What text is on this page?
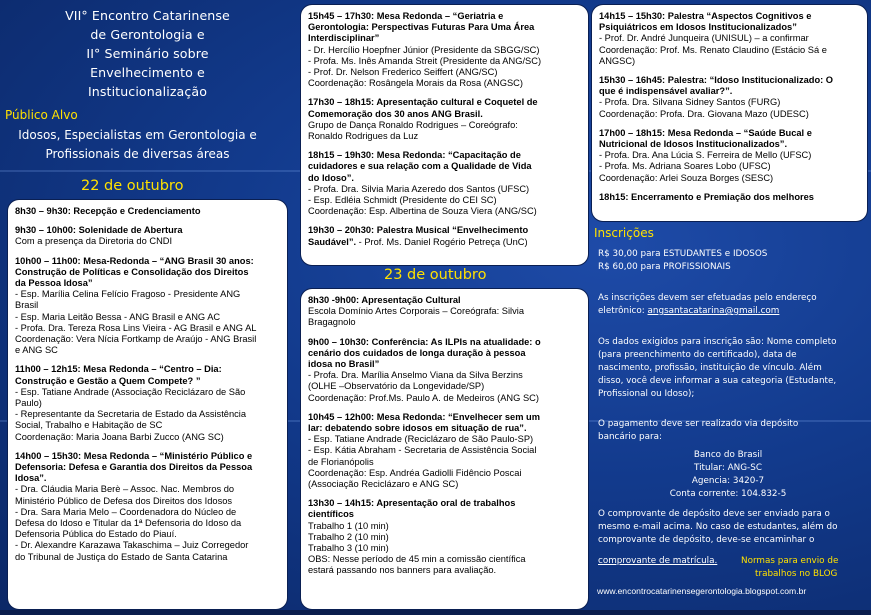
VII° Encontro Catarinense
de Gerontologia e
II° Seminário sobre
Envelhecimento e
Institucionalização
Público Alvo
Idosos, Especialistas em Gerontologia e
Profissionais de diversas áreas
22 de outubro
23 de outubro

8h30 – 9h30: Recepção e Credenciamento

9h30 – 10h00: Solenidade de Abertura

Com a presença da Diretoria do CNDI

10h00 – 11h00: Mesa-Redonda – “ANG Brasil 30 anos:

Construção de Políticas e Consolidação dos Direitos

da Pessoa Idosa”

- Esp. Marília Celina Felício Fragoso - Presidente ANG

Brasil

- Esp. Maria Leitão Bessa - ANG Brasil e ANG AC

- Profa. Dra. Tereza Rosa Lins Vieira - AG Brasil e ANG AL

Coordenação: Vera Nícia Fortkamp de Araújo - ANG Brasil

e ANG SC

11h00 – 12h15: Mesa Redonda – “Centro – Dia:

Construção e Gestão a Quem Compete? ”

- Esp. Tatiane Andrade (Associação Reciclázaro de São

Paulo)

- Representante da Secretaria de Estado da Assistência

Social, Trabalho e Habitação de SC

Coordenação: Maria Joana Barbi Zucco (ANG SC)

14h00 – 15h30: Mesa Redonda – “Ministério Público e

Defensoria: Defesa e Garantia dos Direitos da Pessoa

Idosa”.

- Dra. Cláudia Maria Berè – Assoc. Nac. Membros do

Ministério Público de Defesa dos Direitos dos Idosos

- Dra. Sara Maria Melo – Coordenadora do Núcleo de

Defesa do Idoso e Titular da 1ª Defensoria do Idoso da

Defensoria Pública do Estado do Piauí.

- Dr. Alexandre Karazawa Takaschima – Juiz Corregedor

do Tribunal de Justiça do Estado de Santa Catarina

15h45 – 17h30: Mesa Redonda – “Geriatria e

Gerontologia: Perspectivas Futuras Para Uma Área

Interdisciplinar”

- Dr. Hercílio Hoepfner Júnior (Presidente da SBGG/SC)

- Profa. Ms. Inês Amanda Streit (Presidente da ANG/SC)

- Prof. Dr. Nelson Frederico Seiffert (ANG/SC)

Coordenação: Rosângela Morais da Rosa (ANGSC)

17h30 – 18h15: Apresentação cultural e Coquetel de

Comemoração dos 30 anos ANG Brasil.

Grupo de Dança Ronaldo Rodrigues – Coreógrafo:

Ronaldo Rodrigues da Luz

18h15 – 19h30: Mesa Redonda: “Capacitação de

cuidadores e sua relação com a Qualidade de Vida

do Idoso”.

- Profa. Dra. Silvia Maria Azeredo dos Santos (UFSC)

- Esp. Edléia Schmidt (Presidente do CEI SC)

Coordenação: Esp. Albertina de Souza Viera (ANG/SC)

19h30 – 20h30: Palestra Musical “Envelhecimento

Saudável”. - Prof. Ms. Daniel Rogério Petreça (UnC)

8h30 -9h00: Apresentação Cultural

Escola Domínio Artes Corporais – Coreógrafa: Silvia

Bragagnolo

9h00 – 10h30: Conferência: As ILPIs na atualidade: o

cenário dos cuidados de longa duração à pessoa

idosa no Brasil”

- Profa. Dra. Marília Anselmo Viana da Silva Berzins

(OLHE –Observatório da Longevidade/SP)

Coordenação: Prof.Ms. Paulo A. de Medeiros (ANG SC)

10h45 – 12h00: Mesa Redonda: “Envelhecer sem um

lar: debatendo sobre idosos em situação de rua”.

- Esp. Tatiane Andrade (Reciclázaro de São Paulo-SP)

- Esp. Kátia Abraham - Secretaria de Assistência Social

de Florianópolis

Coordenação: Esp. Andréa Gadiolli Fidêncio Poscai

(Associação Reciclázaro e ANG SC)

13h30 – 14h15: Apresentação oral de trabalhos

científicos

Trabalho 1 (10 min)

Trabalho 2 (10 min)

Trabalho 3 (10 min)

OBS: Nesse período de 45 min a comissão científica

estará passando nos banners para avaliação.

14h15 – 15h30: Palestra “Aspectos Cognitivos e

Psiquiátricos em Idosos Institucionalizados”

- Prof. Dr. André Junqueira (UNISUL) – a confirmar

Coordenação: Prof. Ms. Renato Claudino (Estácio Sá e

ANGSC)

15h30 – 16h45: Palestra: “Idoso Institucionalizado: O

que é indispensável avaliar?”.

- Profa. Dra. Silvana Sidney Santos (FURG)

Coordenação: Profa. Dra. Giovana Mazo (UDESC)

17h00 – 18h15: Mesa Redonda – “Saúde Bucal e

Nutricional de Idosos Institucionalizados”.

- Profa. Dra. Ana Lúcia S. Ferreira de Mello (UFSC)

- Profa. Ms. Adriana Soares Lobo (UFSC)

Coordenação: Arlei Souza Borges (SESC)

18h15: Encerramento e Premiação dos melhores

Inscrições
R$ 30,00 para ESTUDANTES e IDOSOS
R$ 60,00 para PROFISSIONAIS
As inscrições devem ser efetuadas pelo endereço
eletrônico: angsantacatarina@gmail.com
Os dados exigidos para inscrição são: Nome completo
(para preenchimento do certificado), data de
nascimento, profissão, instituição de vínculo. Além
disso, você deve informar a sua categoria (Estudante,
Profissional ou Idoso);
O pagamento deve ser realizado via depósito
bancário para:
Banco do Brasil
Titular: ANG-SC
Agencia: 3420-7
Conta corrente: 104.832-5
O comprovante de depósito deve ser enviado para o
mesmo e-mail acima. No caso de estudantes, além do
comprovante de depósito, deve-se encaminhar o
comprovante de matrícula.	Normas para envio de
trabalhos no BLOG
www.encontrocatarinensegerontologia.blogspot.com.br
